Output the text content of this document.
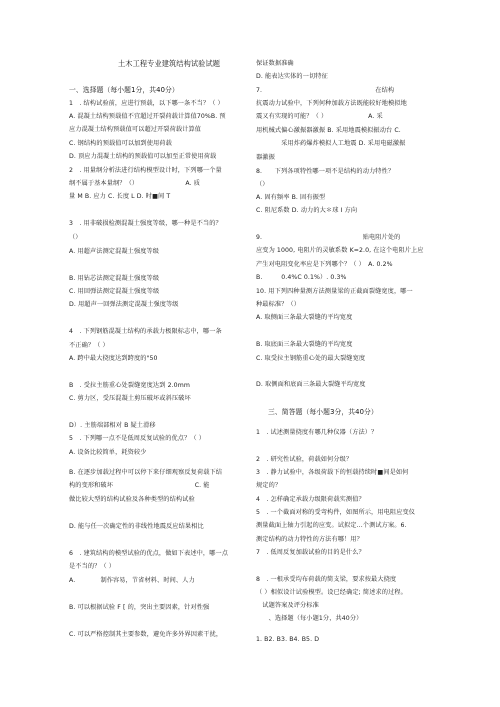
土木工程专业建筑结构试验试题
一、选择题（每小题1分，共40分）
1　. 结构试验前，应进行预载，以下哪一条不当？（ ）
A. 混凝土结构预载值不宜超过开裂荷载计算值70%B. 预
应力混凝土结构预载值可以超过开裂荷载计算值
C. 钢结构的预载值可以加到使用荷载
D. 顶应力混凝土结构的预载值可以加至正常使用荷载
2　. 用量纲分析法进行结构模型设计时，下列哪一个量
纲不属于基本量纲？（）　　　　　　　　A. 质
量 M B. 应力 C. 长度 L D. 时■间 T
3　. 用非破损检测混凝土强度等级，哪一种是不当的？
（）
A. 用超声法测定混凝土强度等级
B. 用钻芯法测定混凝土强度等级
C. 用回弹法测定混凝土强度等级
D. 用超声一回弹法测定混凝土强度等级
4　. 下列钢筋混凝土结构的承载力极限标志中，哪一条
不正确？（ ）
A. 跨中最大挠度达到跨度的"50
B　. 受拉主筋重心处裂缝宽度达到 2.0mm
C. 剪力区，受压混凝土剪压破坏或斜压破坏
D）. 主筋端部相对 B 疑土滑移
5　. 下列哪一点不是低周反复试验的优点？（ ）
A. 设备比较简单，耗资较少
B. 在逐步加载过程中可以停下来仔细观察反复荷载下结
构的变形和破坏　　　　　　　　　　　　　C. 能
做比较大型的结构试验及各种类型的结构试验
D. 能与任一次确定性的非线性地震反应结果相比
6　. 建筑结构的模型试验的优点，做如下表述中，哪一点
是不当的？（ ）
A.　　　　制作容易，节省材料、时间、人力
B. 可以根据试验 F [ 的，突出主要因素，针对性强
C. 可以严格控制其主要参数，避免许多外界因素干扰，
保证数据准确
D. 能表达实体的一切特征
7.　　　　　　　　　　　　　　　　　　在结构
抗震动力试验中，下列何种加载方法既能较好地模拟地
震又有实现的可能？（ ）　　　　　　　A. 采
用机械式偏心激振器激振 B. 采用地震模拟振动台 C.
　　　　采用炸药爆炸模拟人工地震 D. 采用电磁激振
器激振
8.　　下列各项特性哪一项不是结构的动力特性？
（）
A. 固有频率 B. 固有振型
C. 阻尼系数 D. 动力的大＊球 I 方向
9.　　　　　　　　　　　　　　　　贴电阻片处的
应变为 1000, 电阻片的灵敏系数 K=2.0, 在这个电阻片上应
产生对电阻变化率应是下列哪个？（ ）　A. 0.2%
B.　　　0.4%C 0.1%）. 0.3%
10. 用下列四种量测方法测量梁的正截面裂缝宽度，哪一
种最标准？（）
A. 取侧面三条最大裂缝的平均宽度
B. 取底面三条最大裂缝的平均宽度
C. 取受拉主钢筋重心处的最大裂缝宽度
D. 取侧面和底面三条最大裂缝平均宽度
三、简答题（每小题3分，共40分）
1　. 试述测量挠度有哪几种仪器（方法）？
2　. 研究性试验，荷载如何分级？
3　. 静力试验中，各级荷载下的恒载持续时■间是如何
规定的？
4　. 怎样确定承载力级限荷载实测值？
5　. 一个截面对称的受弯构件，如图所示，用电阻应变仪
测量截面上轴力引起的应变。试拟定...个测试方案。6.
测定结构的动力特性的方法有哪！用？
7　. 低周反复加载试验的目的是什么？
8　. 一根承受均布荷载的简支梁，要求按最大挠度
（ ）相似设计试验模型。设已经确定; 简述求的过程。
　试题答案及评分标准
　　、选择题（每小题1分，共40分）
1. B2. B3. B4. B5. D
